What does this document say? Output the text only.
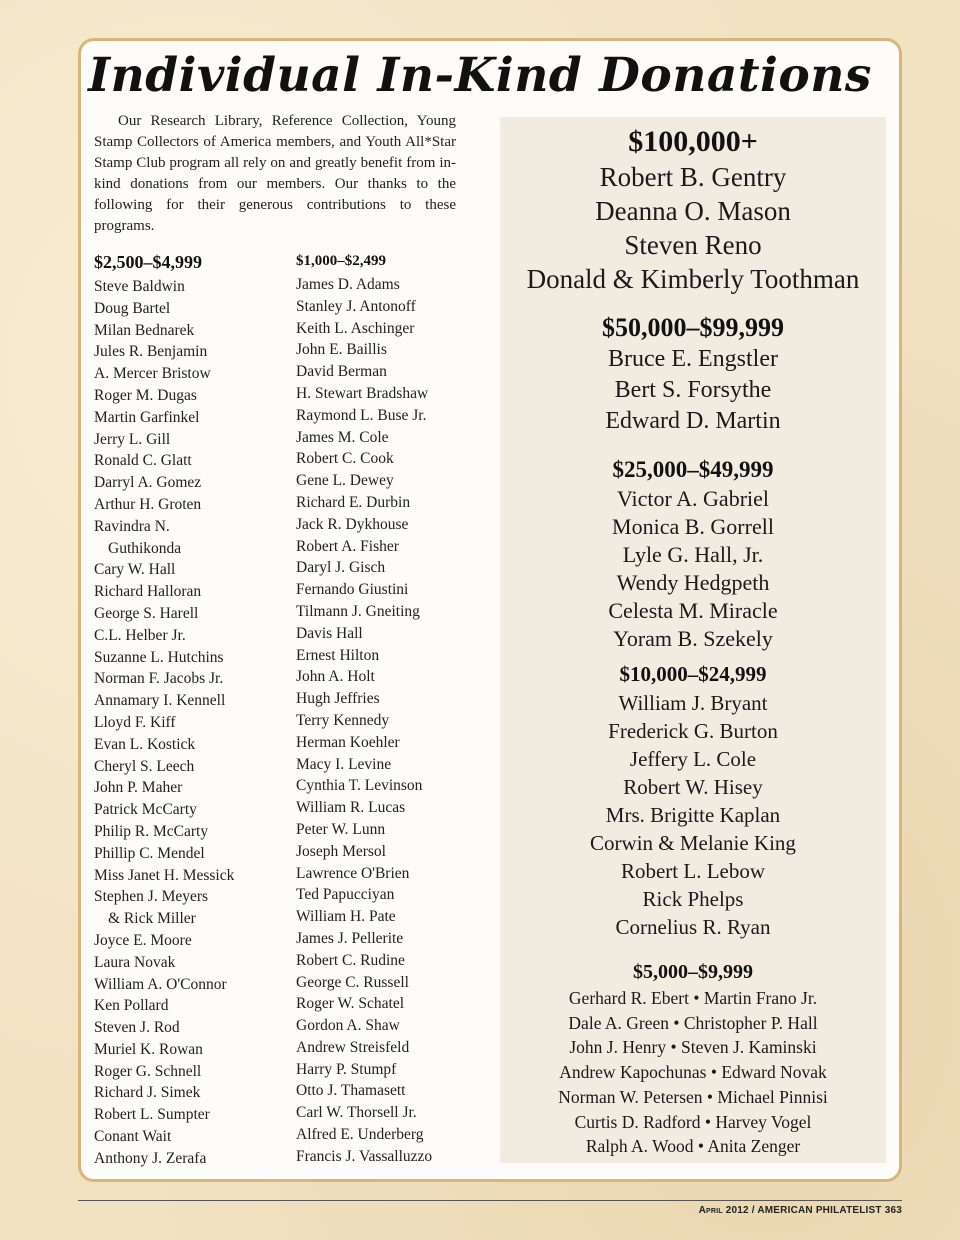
Individual In-Kind Donations

Our Research Library, Reference Collection, Young Stamp Collectors of America members, and Youth All*Star Stamp Club program all rely on and greatly benefit from in-kind donations from our members. Our thanks to the following for their generous contributions to these programs.

$2,500–$4,999
Steve Baldwin
Doug Bartel
Milan Bednarek
Jules R. Benjamin
A. Mercer Bristow
Roger M. Dugas
Martin Garfinkel
Jerry L. Gill
Ronald C. Glatt
Darryl A. Gomez
Arthur H. Groten
Ravindra N.
Guthikonda
Cary W. Hall
Richard Halloran
George S. Harell
C.L. Helber Jr.
Suzanne L. Hutchins
Norman F. Jacobs Jr.
Annamary I. Kennell
Lloyd F. Kiff
Evan L. Kostick
Cheryl S. Leech
John P. Maher
Patrick McCarty
Philip R. McCarty
Phillip C. Mendel
Miss Janet H. Messick
Stephen J. Meyers
& Rick Miller
Joyce E. Moore
Laura Novak
William A. O'Connor
Ken Pollard
Steven J. Rod
Muriel K. Rowan
Roger G. Schnell
Richard J. Simek
Robert L. Sumpter
Conant Wait
Anthony J. Zerafa
$1,000–$2,499
James D. Adams
Stanley J. Antonoff
Keith L. Aschinger
John E. Baillis
David Berman
H. Stewart Bradshaw
Raymond L. Buse Jr.
James M. Cole
Robert C. Cook
Gene L. Dewey
Richard E. Durbin
Jack R. Dykhouse
Robert A. Fisher
Daryl J. Gisch
Fernando Giustini
Tilmann J. Gneiting
Davis Hall
Ernest Hilton
John A. Holt
Hugh Jeffries
Terry Kennedy
Herman Koehler
Macy I. Levine
Cynthia T. Levinson
William R. Lucas
Peter W. Lunn
Joseph Mersol
Lawrence O'Brien
Ted Papucciyan
William H. Pate
James J. Pellerite
Robert C. Rudine
George C. Russell
Roger W. Schatel
Gordon A. Shaw
Andrew Streisfeld
Harry P. Stumpf
Otto J. Thamasett
Carl W. Thorsell Jr.
Alfred E. Underberg
Francis J. Vassalluzzo
$100,000+
Robert B. Gentry
Deanna O. Mason
Steven Reno
Donald & Kimberly Toothman
$50,000–$99,999
Bruce E. Engstler
Bert S. Forsythe
Edward D. Martin
$25,000–$49,999
Victor A. Gabriel
Monica B. Gorrell
Lyle G. Hall, Jr.
Wendy Hedgpeth
Celesta M. Miracle
Yoram B. Szekely
$10,000–$24,999
William J. Bryant
Frederick G. Burton
Jeffery L. Cole
Robert W. Hisey
Mrs. Brigitte Kaplan
Corwin & Melanie King
Robert L. Lebow
Rick Phelps
Cornelius R. Ryan
$5,000–$9,999
Gerhard R. Ebert • Martin Frano Jr.
Dale A. Green • Christopher P. Hall
John J. Henry • Steven J. Kaminski
Andrew Kapochunas • Edward Novak
Norman W. Petersen • Michael Pinnisi
Curtis D. Radford • Harvey Vogel
Ralph A. Wood • Anita Zenger
April 2012 / AMERICAN PHILATELIST 363
